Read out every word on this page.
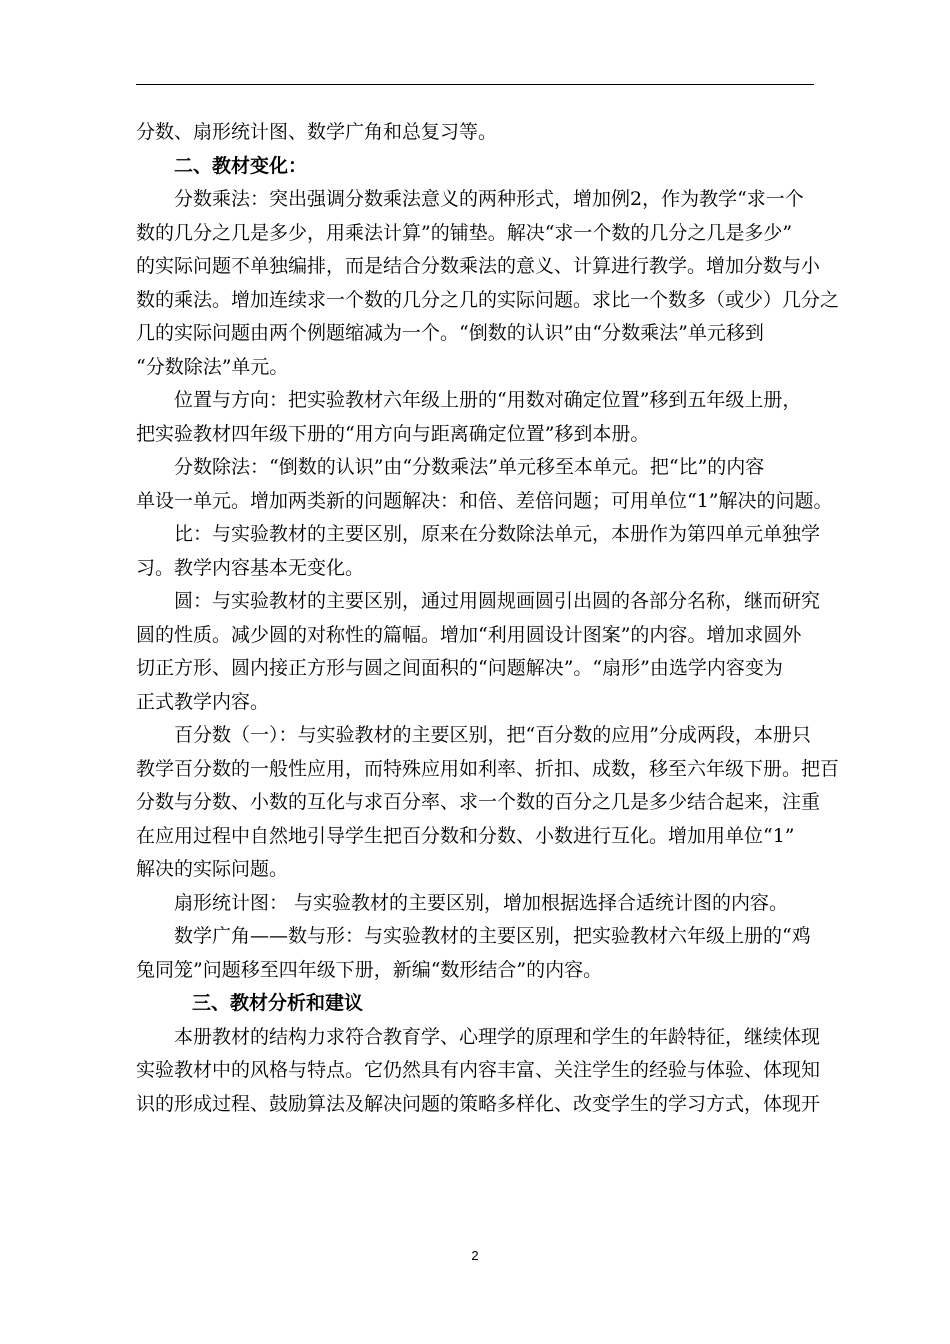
分数、扇形统计图、数学广角和总复习等。
二、教材变化：
分数乘法：突出强调分数乘法意义的两种形式，增加例2，作为教学“求一个
数的几分之几是多少，用乘法计算”的铺垫。解决“求一个数的几分之几是多少”
的实际问题不单独编排，而是结合分数乘法的意义、计算进行教学。增加分数与小
数的乘法。增加连续求一个数的几分之几的实际问题。求比一个数多（或少）几分之
几的实际问题由两个例题缩减为一个。“倒数的认识”由“分数乘法”单元移到
“分数除法”单元。
位置与方向：把实验教材六年级上册的“用数对确定位置”移到五年级上册，
把实验教材四年级下册的“用方向与距离确定位置”移到本册。
分数除法：“倒数的认识”由“分数乘法”单元移至本单元。把“比”的内容
单设一单元。增加两类新的问题解决：和倍、差倍问题；可用单位“1”解决的问题。
比：与实验教材的主要区别，原来在分数除法单元，本册作为第四单元单独学
习。教学内容基本无变化。
圆：与实验教材的主要区别，通过用圆规画圆引出圆的各部分名称，继而研究
圆的性质。减少圆的对称性的篇幅。增加“利用圆设计图案”的内容。增加求圆外
切正方形、圆内接正方形与圆之间面积的“问题解决”。“扇形”由选学内容变为
正式教学内容。
百分数（一）：与实验教材的主要区别，把“百分数的应用”分成两段，本册只
教学百分数的一般性应用，而特殊应用如利率、折扣、成数，移至六年级下册。把百
分数与分数、小数的互化与求百分率、求一个数的百分之几是多少结合起来，注重
在应用过程中自然地引导学生把百分数和分数、小数进行互化。增加用单位“1”
解决的实际问题。
扇形统计图： 与实验教材的主要区别，增加根据选择合适统计图的内容。
数学广角——数与形：与实验教材的主要区别，把实验教材六年级上册的“鸡
兔同笼”问题移至四年级下册，新编“数形结合”的内容。
三、教材分析和建议
本册教材的结构力求符合教育学、心理学的原理和学生的年龄特征，继续体现
实验教材中的风格与特点。它仍然具有内容丰富、关注学生的经验与体验、体现知
识的形成过程、鼓励算法及解决问题的策略多样化、改变学生的学习方式，体现开
2
